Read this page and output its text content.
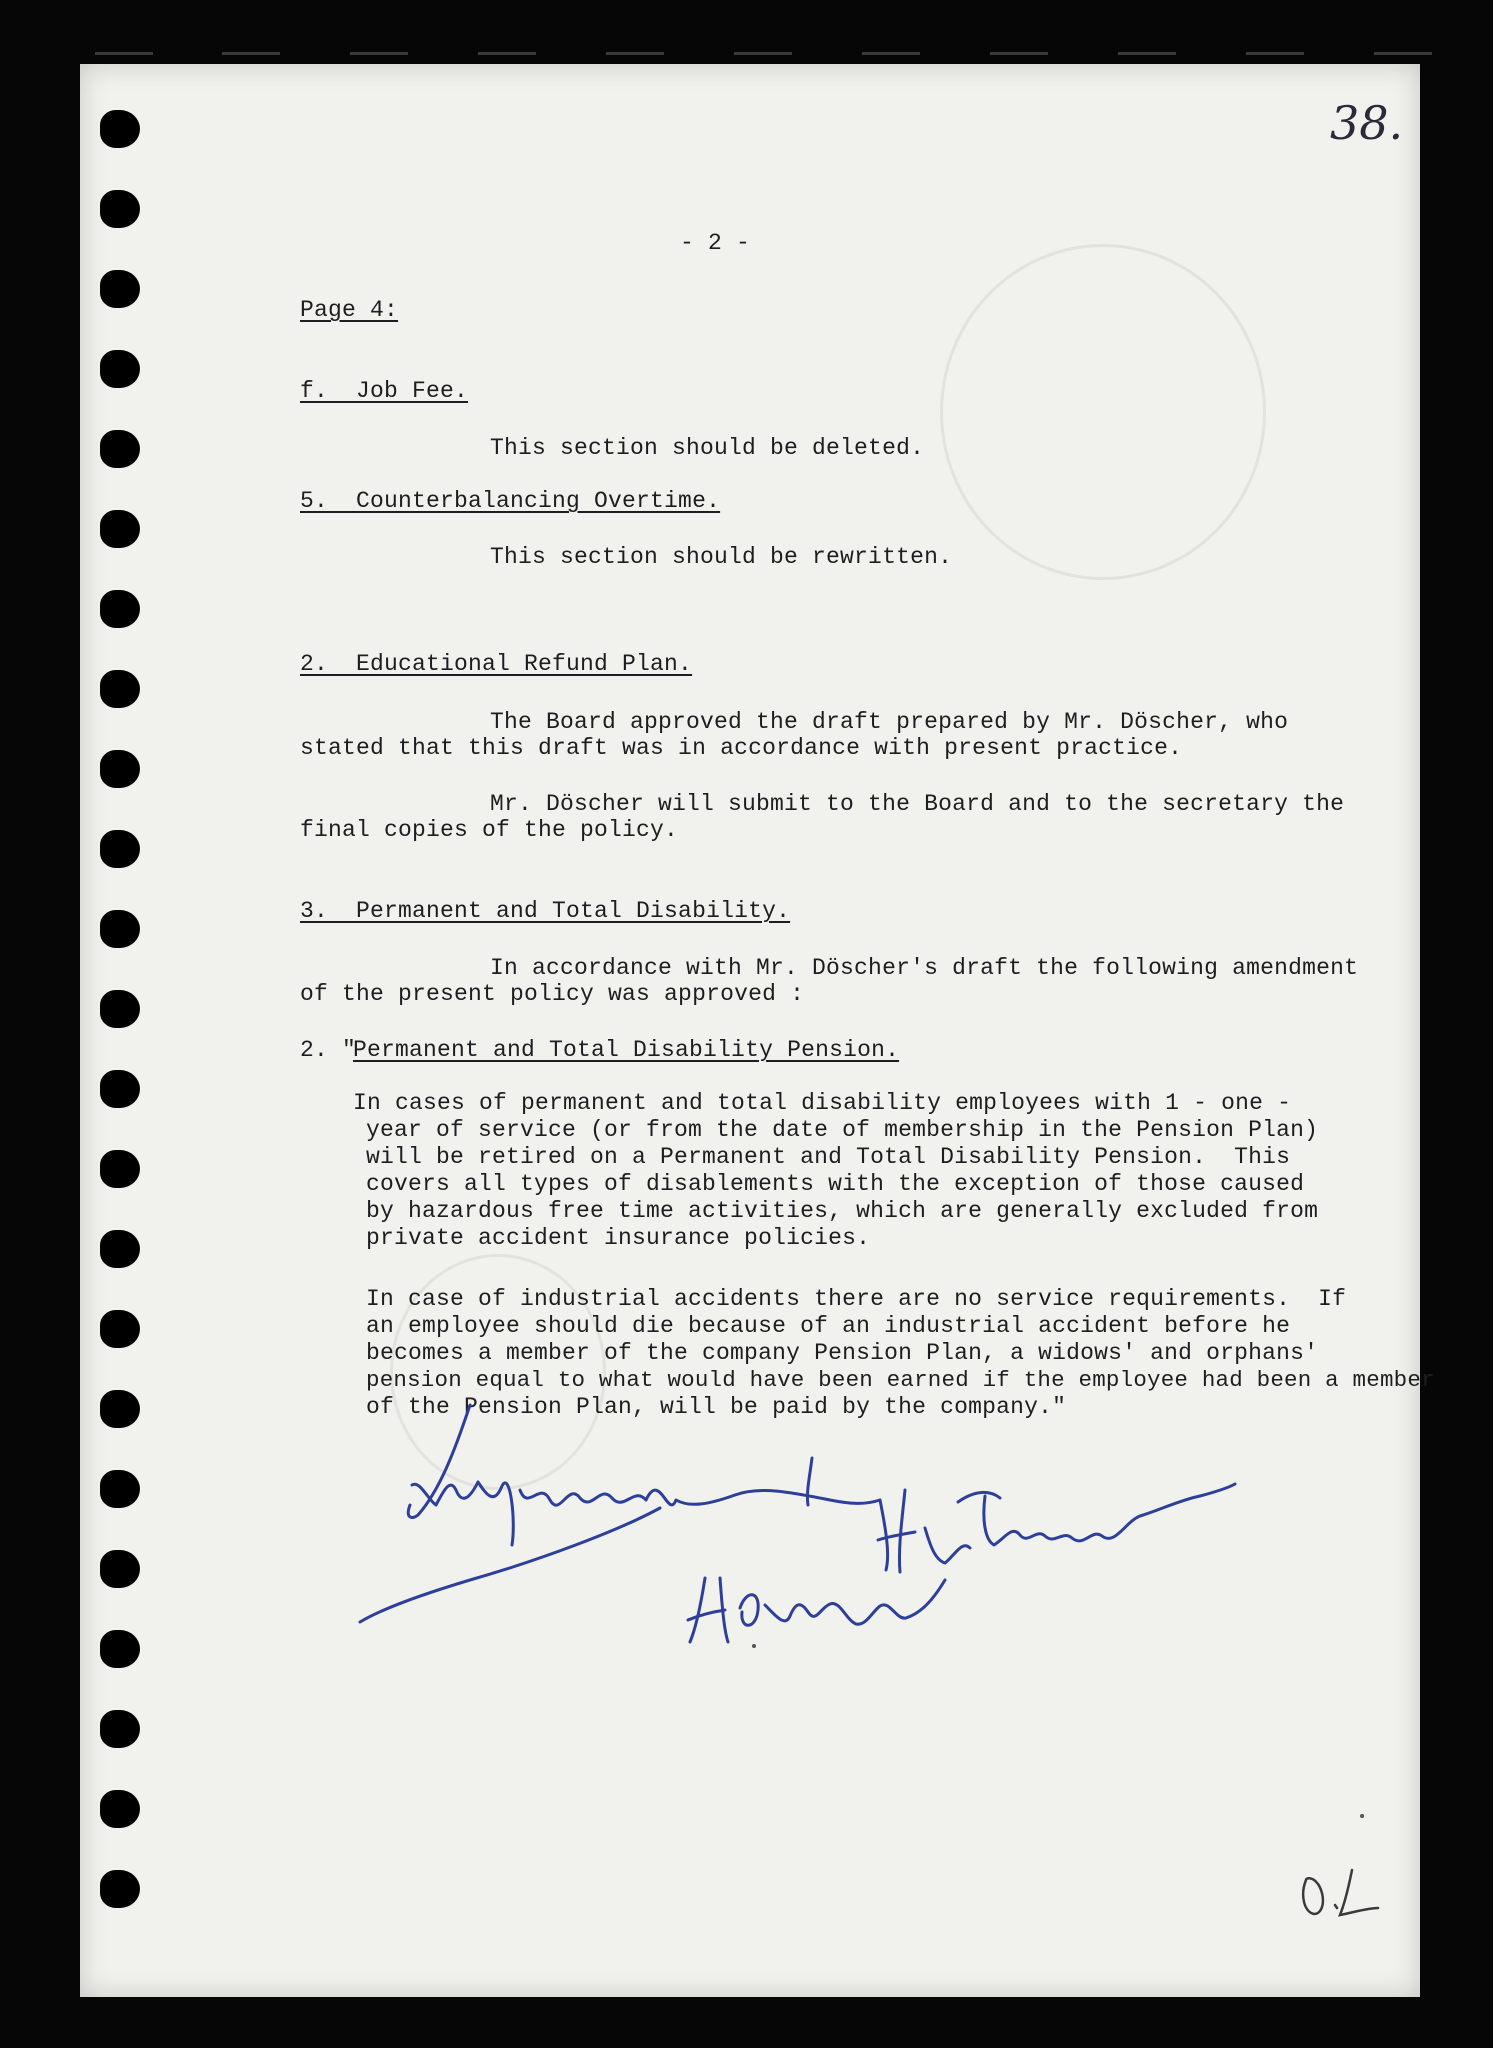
38.
- 2 -
Page 4:
f.  Job Fee.
This section should be deleted.
5.  Counterbalancing Overtime.
This section should be rewritten.
2.  Educational Refund Plan.
The Board approved the draft prepared by Mr. Döscher, who
stated that this draft was in accordance with present practice.
Mr. Döscher will submit to the Board and to the secretary the
final copies of the policy.
3.  Permanent and Total Disability.
In accordance with Mr. Döscher's draft the following amendment
of the present policy was approved :
2. "
Permanent and Total Disability Pension.
In cases of permanent and total disability employees with 1 - one -
year of service (or from the date of membership in the Pension Plan)
will be retired on a Permanent and Total Disability Pension.  This
covers all types of disablements with the exception of those caused
by hazardous free time activities, which are generally excluded from
private accident insurance policies.
In case of industrial accidents there are no service requirements.  If
an employee should die because of an industrial accident before he
becomes a member of the company Pension Plan, a widows' and orphans'
pension equal to what would have been earned if the employee had been a member
of the Pension Plan, will be paid by the company."
